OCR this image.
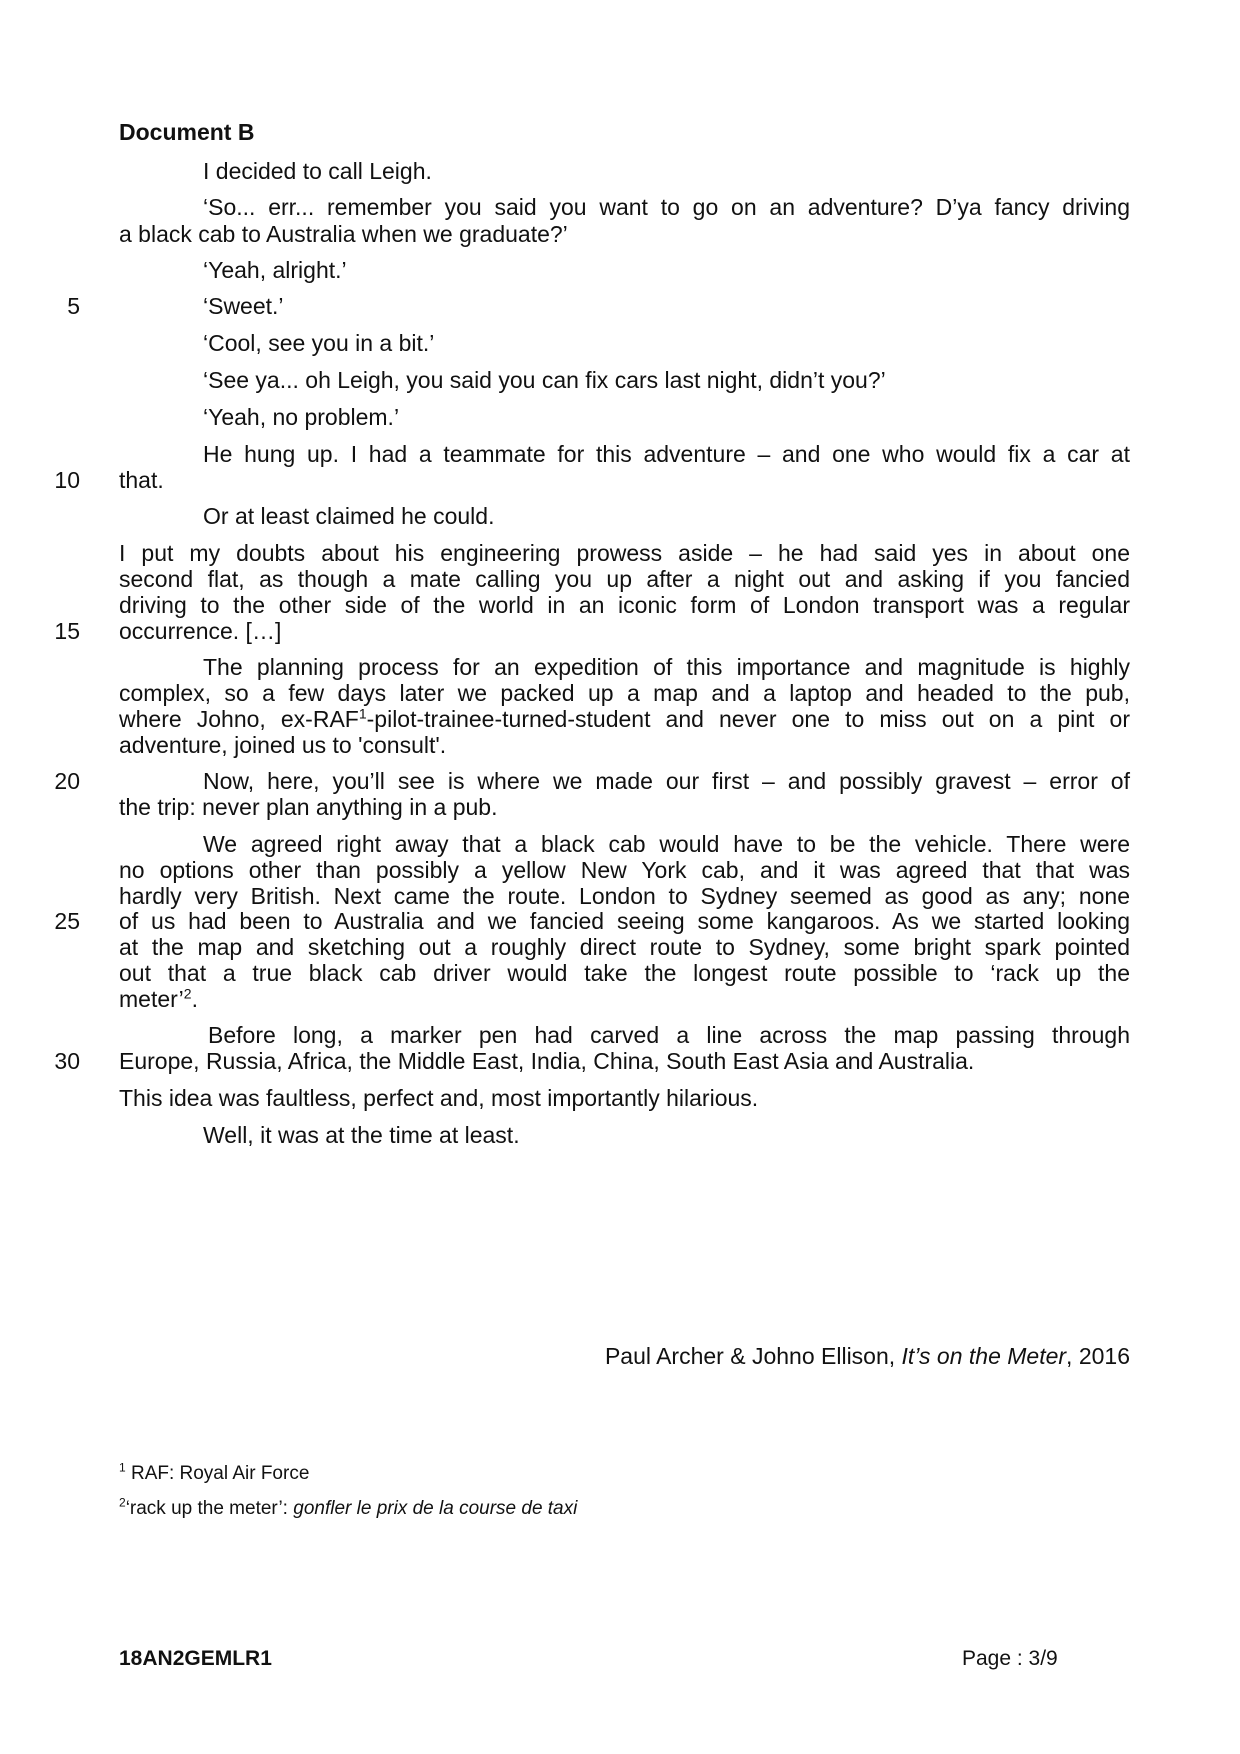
Document B
I decided to call Leigh.
‘So... err... remember you said you want to go on an adventure? D’ya fancy driving
a black cab to Australia when we graduate?’
‘Yeah, alright.’
5	‘Sweet.’
‘Cool, see you in a bit.’
‘See ya... oh Leigh, you said you can fix cars last night, didn’t you?’
‘Yeah, no problem.’
He hung up. I had a teammate for this adventure – and one who would fix a car at
10 that.
Or at least claimed he could.
I put my doubts about his engineering prowess aside – he had said yes in about one
second flat, as though a mate calling you up after a night out and asking if you fancied
driving to the other side of the world in an iconic form of London transport was a regular
15 occurrence. […]
The planning process for an expedition of this importance and magnitude is highly
complex, so a few days later we packed up a map and a laptop and headed to the pub,
where Johno, ex-RAF$^1$-pilot-trainee-turned-student and never one to miss out on a pint or
adventure, joined us to 'consult'.
20	Now, here, you’ll see is where we made our first – and possibly gravest – error of
the trip: never plan anything in a pub.
We agreed right away that a black cab would have to be the vehicle. There were
no options other than possibly a yellow New York cab, and it was agreed that that was
hardly very British. Next came the route. London to Sydney seemed as good as any; none
25 of us had been to Australia and we fancied seeing some kangaroos. As we started looking
at the map and sketching out a roughly direct route to Sydney, some bright spark pointed
out that a true black cab driver would take the longest route possible to ‘rack up the
meter’$^2$.
Before long, a marker pen had carved a line across the map passing through
30 Europe, Russia, Africa, the Middle East, India, China, South East Asia and Australia.
This idea was faultless, perfect and, most importantly hilarious.
Well, it was at the time at least.
Paul Archer & Johno Ellison, It’s on the Meter, 2016
$^1$ RAF: Royal Air Force
$^2$‘rack up the meter’: gonfler le prix de la course de taxi
18AN2GEMLR1	Page : 3/9
